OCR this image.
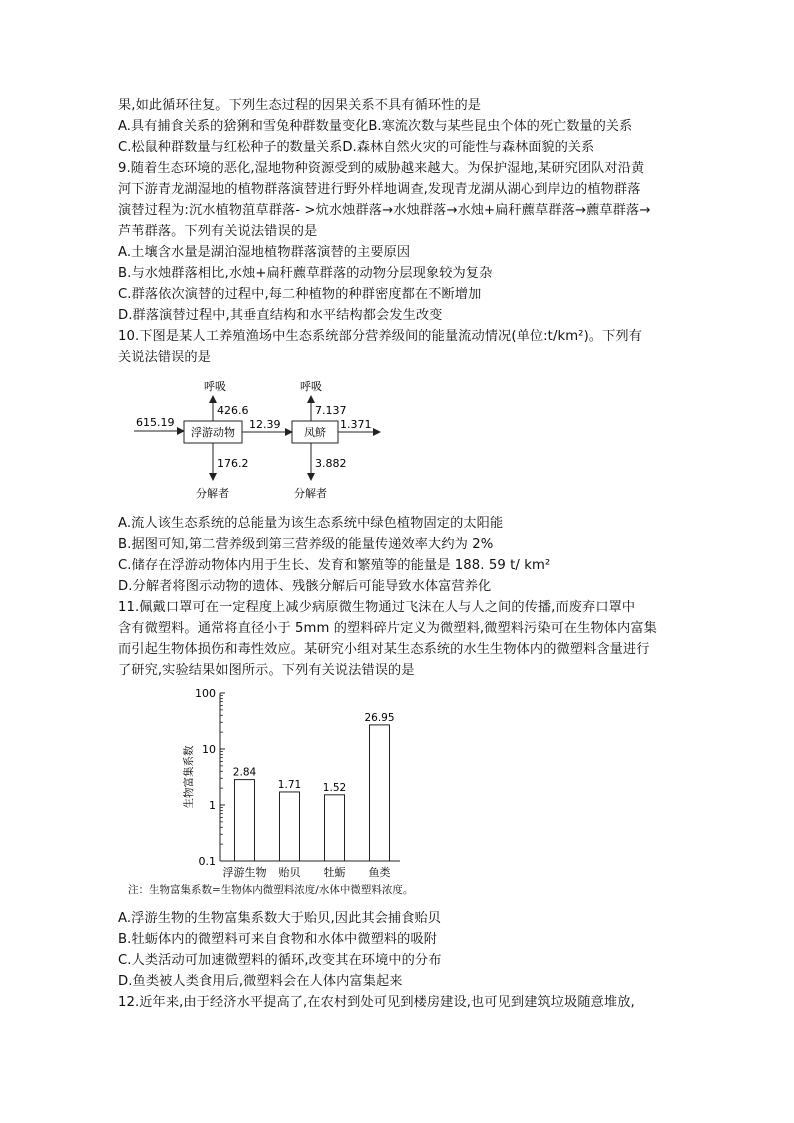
果,如此循环往复。下列生态过程的因果关系不具有循环性的是
A.具有捕食关系的猞猁和雪兔种群数量变化B.寒流次数与某些昆虫个体的死亡数量的关系
C.松鼠种群数量与红松种子的数量关系D.森林自然火灾的可能性与森林面貌的关系
9.随着生态环境的恶化,湿地物种资源受到的威胁越来越大。为保护湿地,某研究团队对沿黄
河下游青龙湖湿地的植物群落演替进行野外样地调查,发现青龙湖从湖心到岸边的植物群落
演替过程为:沉水植物菹草群落- >炕水烛群落→水烛群落→水烛+扁秆藨草群落→藨草群落→
芦苇群落。下列有关说法错误的是
A.土壤含水量是湖泊湿地植物群落演替的主要原因
B.与水烛群落相比,水烛+扁秆藨草群落的动物分层现象较为复杂
C.群落依次演替的过程中,每二种植物的种群密度都在不断增加
D.群落演替过程中,其垂直结构和水平结构都会发生改变
10.下图是某人工养殖渔场中生态系统部分营养级间的能量流动情况(单位:t/km²)。下列有
关说法错误的是
615.19
浮游动物
12.39
凤鲚
1.371
呼吸
426.6
呼吸
7.137
176.2
分解者
3.882
分解者
A.流人该生态系统的总能量为该生态系统中绿色植物固定的太阳能
B.据图可知,第二营养级到第三营养级的能量传递效率大约为 2%
C.储存在浮游动物体内用于生长、发育和繁殖等的能量是 188. 59 t/ km²
D.分解者将图示动物的遗体、残骸分解后可能导致水体富营养化
11.佩戴口罩可在一定程度上减少病原微生物通过飞沫在人与人之间的传播,而废弃口罩中
含有微塑料。通常将直径小于 5mm 的塑料碎片定义为微塑料,微塑料污染可在生物体内富集
而引起生物体损伤和毒性效应。某研究小组对某生态系统的水生生物体内的微塑料含量进行
了研究,实验结果如图所示。下列有关说法错误的是
100
10
1
0.1
生物富集系数	2.84
浮游生物
1.71
贻贝
1.52
牡蛎
26.95
鱼类
注：生物富集系数=生物体内微塑料浓度/水体中微塑料浓度。
A.浮游生物的生物富集系数大于贻贝,因此其会捕食贻贝
B.牡蛎体内的微塑料可来自食物和水体中微塑料的吸附
C.人类活动可加速微塑料的循环,改变其在环境中的分布
D.鱼类被人类食用后,微塑料会在人体内富集起来
12.近年来,由于经济水平提高了,在农村到处可见到楼房建设,也可见到建筑垃圾随意堆放,
